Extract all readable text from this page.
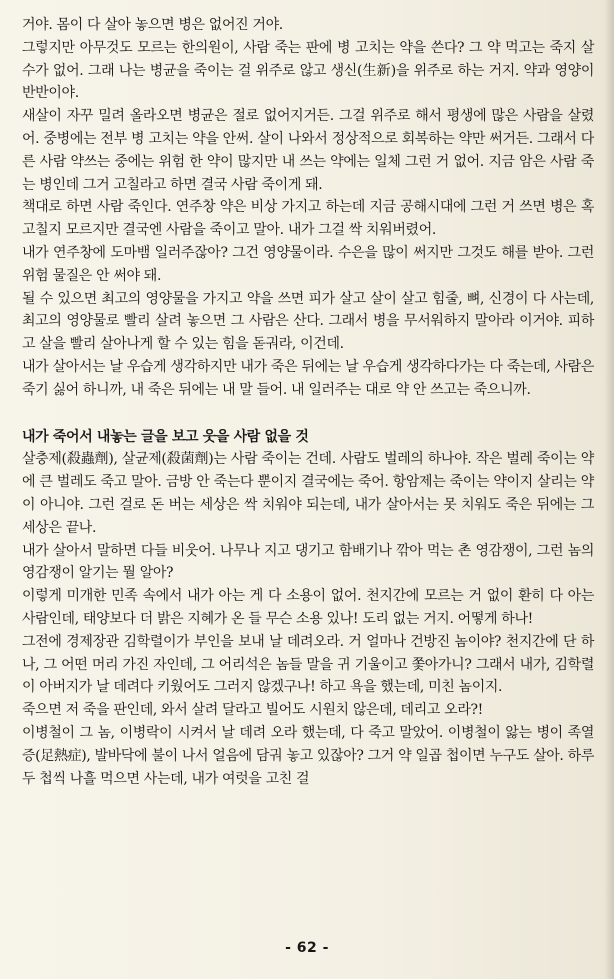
거야. 몸이 다 살아 놓으면 병은 없어진 거야.

그렇지만 아무것도 모르는 한의원이, 사람 죽는 판에 병 고치는 약을 쓴다? 그 약 먹고는 죽지 살수가 없어. 그래 나는 병균을 죽이는 걸 위주로 않고 생신(生新)을 위주로 하는 거지. 약과 영양이 반반이야.

새살이 자꾸 밀려 올라오면 병균은 절로 없어지거든. 그걸 위주로 해서 평생에 많은 사람을 살렸어. 중병에는 전부 병 고치는 약을 안써. 살이 나와서 정상적으로 회복하는 약만 써거든. 그래서 다른 사람 약쓰는 중에는 위험 한 약이 많지만 내 쓰는 약에는 일체 그런 거 없어. 지금 암은 사람 죽는 병인데 그거 고칠라고 하면 결국 사람 죽이게 돼.

책대로 하면 사람 죽인다. 연주창 약은 비상 가지고 하는데 지금 공해시대에 그런 거 쓰면 병은 혹 고칠지 모르지만 결국엔 사람을 죽이고 말아. 내가 그걸 싹 치워버렸어.

내가 연주창에 도마뱀 일러주잖아? 그건 영양물이라. 수은을 많이 써지만 그것도 해를 받아. 그런 위험 물질은 안 써야 돼.

될 수 있으면 최고의 영양물을 가지고 약을 쓰면 피가 살고 살이 살고 힘줄, 뼈, 신경이 다 사는데, 최고의 영양물로 빨리 살려 놓으면 그 사람은 산다. 그래서 병을 무서워하지 말아라 이거야. 피하고 살을 빨리 살아나게 할 수 있는 힘을 돋궈라, 이건데.

내가 살아서는 날 우습게 생각하지만 내가 죽은 뒤에는 날 우습게 생각하다가는 다 죽는데, 사람은 죽기 싫어 하니까, 내 죽은 뒤에는 내 말 들어. 내 일러주는 대로 약 안 쓰고는 죽으니까.

내가 죽어서 내놓는 글을 보고 웃을 사람 없을 것

살충제(殺蟲劑), 살균제(殺菌劑)는 사람 죽이는 건데. 사람도 벌레의 하나야. 작은 벌레 죽이는 약에 큰 벌레도 죽고 말아. 금방 안 죽는다 뿐이지 결국에는 죽어. 항암제는 죽이는 약이지 살리는 약이 아니야. 그런 걸로 돈 버는 세상은 싹 치워야 되는데, 내가 살아서는 못 치워도 죽은 뒤에는 그 세상은 끝나.

내가 살아서 말하면 다들 비웃어. 나무나 지고 댕기고 함배기나 깎아 먹는 촌 영감쟁이, 그런 놈의 영감쟁이 알기는 뭘 알아?

이렇게 미개한 민족 속에서 내가 아는 게 다 소용이 없어. 천지간에 모르는 거 없이 환히 다 아는 사람인데, 태양보다 더 밝은 지혜가 온 들 무슨 소용 있나! 도리 없는 거지. 어떻게 하나!

그전에 경제장관 김학렬이가 부인을 보내 날 데려오라. 거 얼마나 건방진 놈이야? 천지간에 단 하나, 그 어떤 머리 가진 자인데, 그 어리석은 놈들 말을 귀 기울이고 쫓아가니? 그래서 내가, 김학렬이 아버지가 날 데려다 키웠어도 그러지 않겠구나! 하고 욕을 했는데, 미친 놈이지.

죽으면 저 죽을 판인데, 와서 살려 달라고 빌어도 시원치 않은데, 데리고 오라?!

이병철이 그 놈, 이병락이 시켜서 날 데려 오라 했는데, 다 죽고 말았어. 이병철이 앓는 병이 족열증(足熱症), 발바닥에 불이 나서 얼음에 담궈 놓고 있잖아? 그거 약 일곱 첩이면 누구도 살아. 하루 두 첩씩 나흘 먹으면 사는데, 내가 여럿을 고친 걸

- 62 -
